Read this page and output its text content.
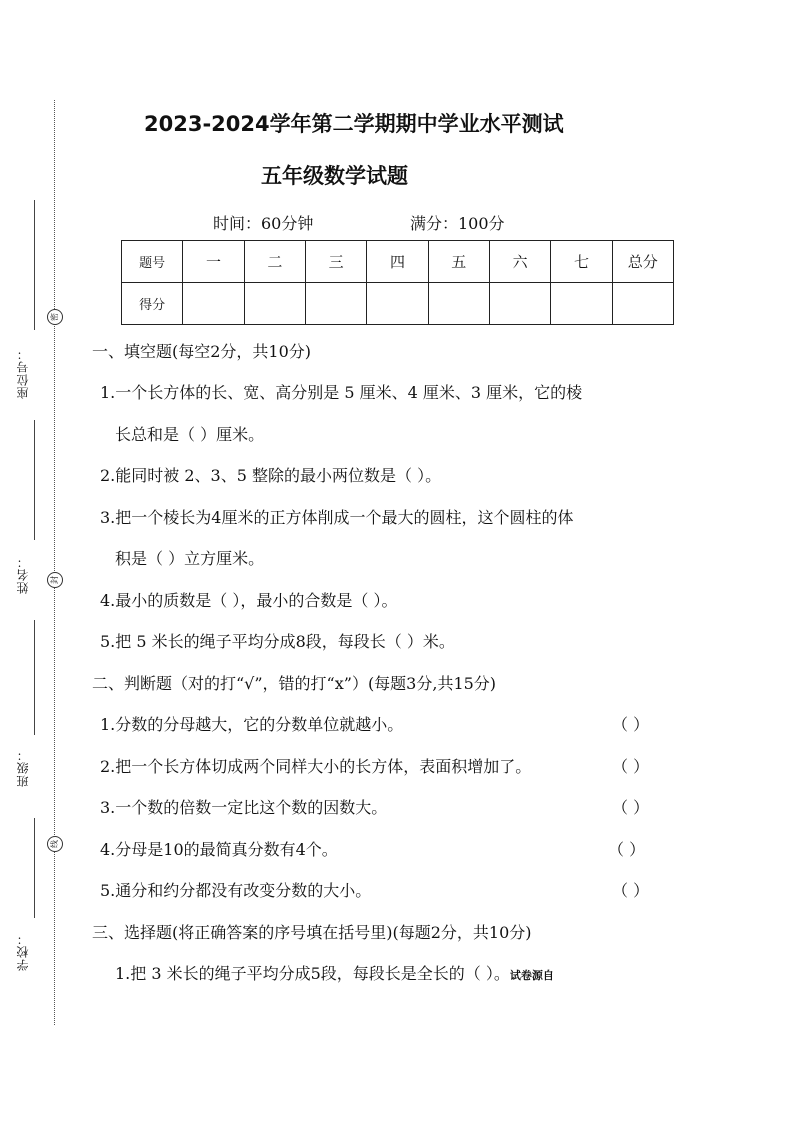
座位号：
姓名：
班级：
学校：
密
封
线
2023-2024学年第二学期期中学业水平测试
五年级数学试题
时间：60分钟	满分：100分
题号	一	二	三	四	五	六	七	总分
得分								
一、填空题(每空2分，共10分)
1.一个长方体的长、宽、高分别是 5 厘米、4 厘米、3 厘米，它的棱
长总和是（ ）厘米。
2.能同时被 2、3、5 整除的最小两位数是（ ）。
3.把一个棱长为4厘米的正方体削成一个最大的圆柱，这个圆柱的体
积是（ ）立方厘米。
4.最小的质数是（ ），最小的合数是（ ）。
5.把 5 米长的绳子平均分成8段，每段长（ ）米。
二、判断题（对的打“√”，错的打“x”）(每题3分,共15分)
1.分数的分母越大，它的分数单位就越小。	（ ）
2.把一个长方体切成两个同样大小的长方体，表面积增加了。	（ ）
3.一个数的倍数一定比这个数的因数大。	（ ）
4.分母是10的最简真分数有4个。	（ ）
5.通分和约分都没有改变分数的大小。	（ ）
三、选择题(将正确答案的序号填在括号里)(每题2分，共10分)
1.把 3 米长的绳子平均分成5段，每段长是全长的（ ）。试卷源自
